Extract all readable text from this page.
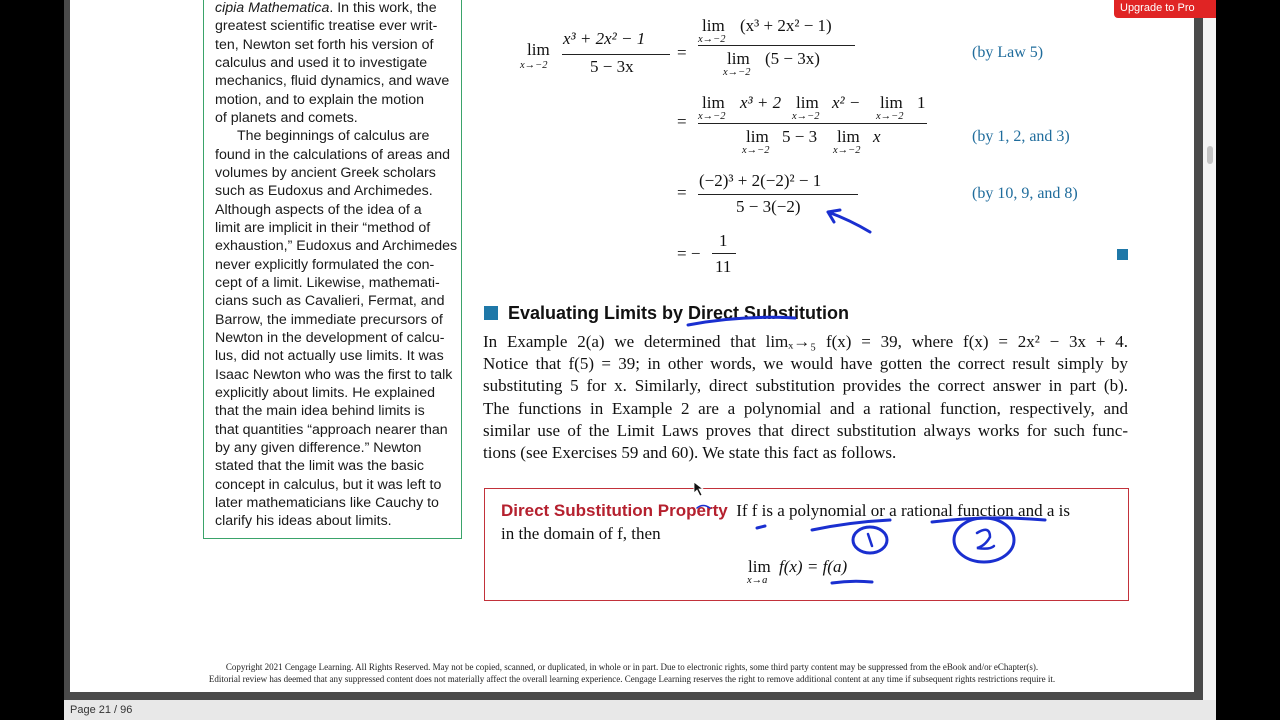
Upgrade to Pro
cipia Mathematica. In this work, the
greatest scientific treatise ever writ-
ten, Newton set forth his version of
calculus and used it to investigate
mechanics, fluid dynamics, and wave
motion, and to explain the motion
of planets and comets.
The beginnings of calculus are
found in the calculations of areas and
volumes by ancient Greek scholars
such as Eudoxus and Archimedes.
Although aspects of the idea of a
limit are implicit in their “method of
exhaustion,” Eudoxus and Archimedes
never explicitly formulated the con-
cept of a limit. Likewise, mathemati-
cians such as Cavalieri, Fermat, and
Barrow, the immediate precursors of
Newton in the development of calcu-
lus, did not actually use limits. It was
Isaac Newton who was the first to talk
explicitly about limits. He explained
that the main idea behind limits is
that quantities “approach nearer than
by any given difference.” Newton
stated that the limit was the basic
concept in calculus, but it was left to
later mathematicians like Cauchy to
clarify his ideas about limits.
lim
x→−2
x³ + 2x² − 1
5 − 3x
=
lim
x→−2
(x³ + 2x² − 1)
lim
x→−2
(5 − 3x)	(by Law 5)
=
lim
x→−2
x³ + 2 lim
x→−2
x² − lim
x→−2
1
lim
x→−2
5 − 3 lim
x→−2
x	(by 1, 2, and 3)
=
(−2)³ + 2(−2)² − 1
5 − 3(−2)
(by 10, 9, and 8)
= −
1
11
Evaluating Limits by Direct Substitution
In Example 2(a) we determined that limₓ→₅ f(x) = 39, where f(x) = 2x² − 3x + 4.
Notice that f(5) = 39; in other words, we would have gotten the correct result simply by
substituting 5 for x. Similarly, direct substitution provides the correct answer in part (b).
The functions in Example 2 are a polynomial and a rational function, respectively, and
similar use of the Limit Laws proves that direct substitution always works for such func-
tions (see Exercises 59 and 60). We state this fact as follows.
Direct Substitution Property If f is a polynomial or a rational function and a is
in the domain of f, then
lim
x→a
f(x) = f(a)
Copyright 2021 Cengage Learning. All Rights Reserved. May not be copied, scanned, or duplicated, in whole or in part. Due to electronic rights, some third party content may be suppressed from the eBook and/or eChapter(s).
Editorial review has deemed that any suppressed content does not materially affect the overall learning experience. Cengage Learning reserves the right to remove additional content at any time if subsequent rights restrictions require it.
Page 21 / 96
